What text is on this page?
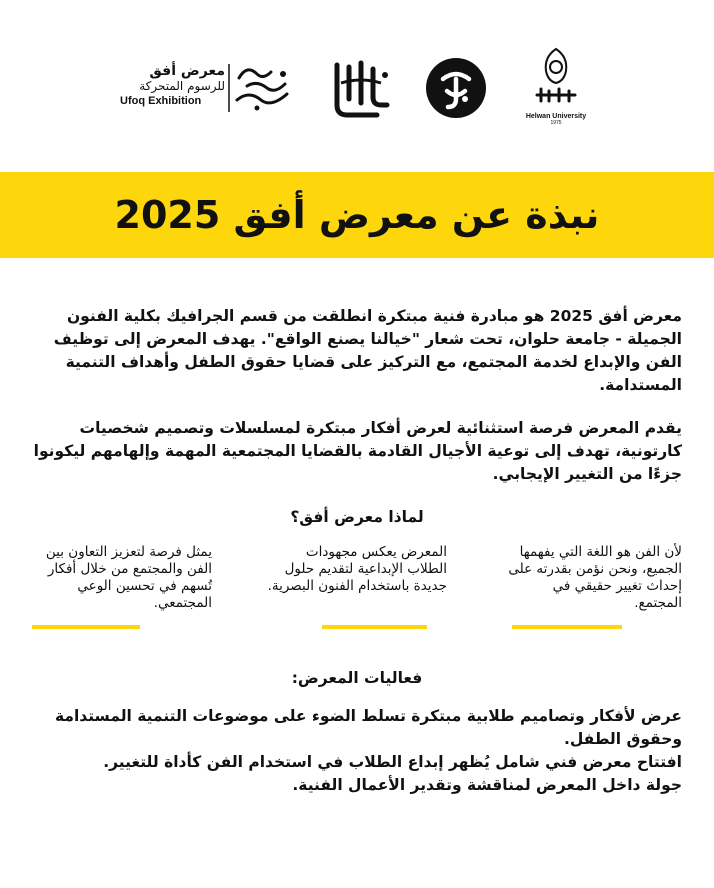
معرض أفق
للرسوم المتحركة
Ufoq Exhibition
Helwan University
1975
نبذة عن معرض أفق 2025

معرض أفق 2025 هو مبادرة فنية مبتكرة انطلقت من قسم الجرافيك بكلية الفنون الجميلة - جامعة حلوان، تحت شعار "خيالنا يصنع الواقع". يهدف المعرض إلى توظيف الفن والإبداع لخدمة المجتمع، مع التركيز على قضايا حقوق الطفل وأهداف التنمية المستدامة.

يقدم المعرض فرصة استثنائية لعرض أفكار مبتكرة لمسلسلات وتصميم شخصيات كارتونية، تهدف إلى توعية الأجيال القادمة بالقضايا المجتمعية المهمة وإلهامهم ليكونوا جزءًا من التغيير الإيجابي.

لماذا معرض أفق؟
لأن الفن هو اللغة التي يفهمها الجميع، ونحن نؤمن بقدرته على إحداث تغيير حقيقي في المجتمع.
المعرض يعكس مجهودات الطلاب الإبداعية لتقديم حلول جديدة باستخدام الفنون البصرية.
يمثل فرصة لتعزيز التعاون بين الفن والمجتمع من خلال أفكار تُسهم في تحسين الوعي المجتمعي.
فعاليات المعرض:
عرض لأفكار وتصاميم طلابية مبتكرة تسلط الضوء على موضوعات التنمية المستدامة وحقوق الطفل.
افتتاح معرض فني شامل يُظهر إبداع الطلاب في استخدام الفن كأداة للتغيير.
جولة داخل المعرض لمناقشة وتقدير الأعمال الفنية.
